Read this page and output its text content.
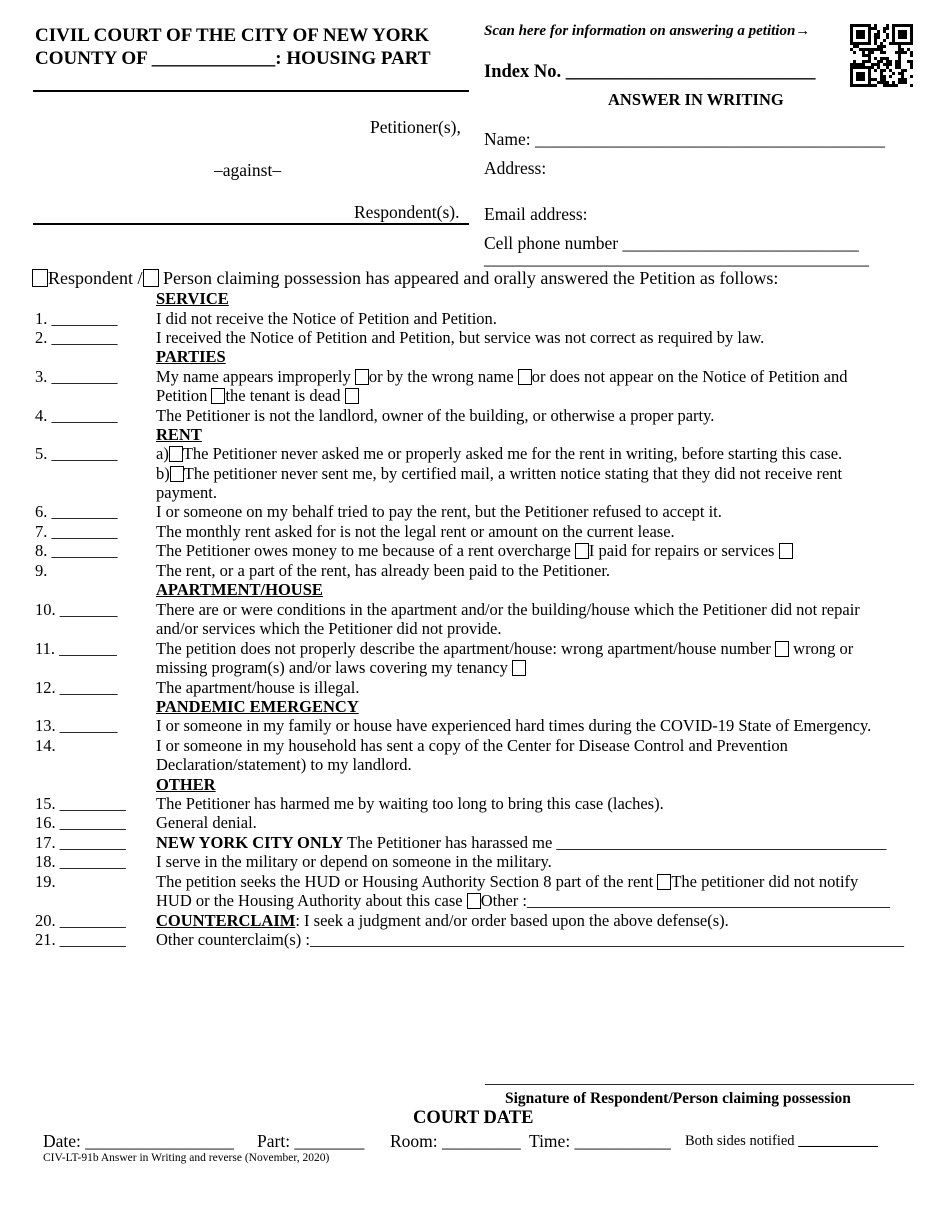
CIVIL COURT OF THE CITY OF NEW YORK
COUNTY OF _____________: HOUSING PART
Scan here for information on answering a petition→
Index No. ___________________________
ANSWER IN WRITING
Petitioner(s),
–against–
Respondent(s).
Name: ________________________________________
Address:
Email address:
Cell phone number ___________________________
____________________________________________
Respondent / Person claiming possession has appeared and orally answered the Petition as follows:
SERVICE
1. ________ I did not receive the Notice of Petition and Petition.
2. ________ I received the Notice of Petition and Petition, but service was not correct as required by law.
PARTIES
3. ________ My name appears improperly or by the wrong name or does not appear on the Notice of Petition and
Petition the tenant is dead
4. ________ The Petitioner is not the landlord, owner of the building, or otherwise a proper party.
RENT
5. ________ a) The Petitioner never asked me or properly asked me for the rent in writing, before starting this case.
b) The petitioner never sent me, by certified mail, a written notice stating that they did not receive rent
payment.
6. ________ I or someone on my behalf tried to pay the rent, but the Petitioner refused to accept it.
7. ________ The monthly rent asked for is not the legal rent or amount on the current lease.
8. ________ The Petitioner owes money to me because of a rent overcharge I paid for repairs or services
9.	The rent, or a part of the rent, has already been paid to the Petitioner.
APARTMENT/HOUSE
10. _______ There are or were conditions in the apartment and/or the building/house which the Petitioner did not repair
and/or services which the Petitioner did not provide.
11. _______ The petition does not properly describe the apartment/house: wrong apartment/house number wrong or
missing program(s) and/or laws covering my tenancy
12. _______ The apartment/house is illegal.
PANDEMIC EMERGENCY
13. _______ I or someone in my family or house have experienced hard times during the COVID-19 State of Emergency.
14.	I or someone in my household has sent a copy of the Center for Disease Control and Prevention
Declaration/statement) to my landlord.
OTHER
15. ________ The Petitioner has harmed me by waiting too long to bring this case (laches).
16. ________ General denial.
17. ________ NEW YORK CITY ONLY The Petitioner has harassed me ________________________________________
18. ________ I serve in the military or depend on someone in the military.
19.	The petition seeks the HUD or Housing Authority Section 8 part of the rent The petitioner did not notify
HUD or the Housing Authority about this case Other :____________________________________________
20. ________ COUNTERCLAIM: I seek a judgment and/or order based upon the above defense(s).
21. ________ Other counterclaim(s) :________________________________________________________________________
____________________________________________________
Signature of Respondent/Person claiming possession
COURT DATE
Date: _________________ Part: ________ Room: _________ Time: ___________ Both sides notified ___________
CIV-LT-91b Answer in Writing and reverse (November, 2020)
